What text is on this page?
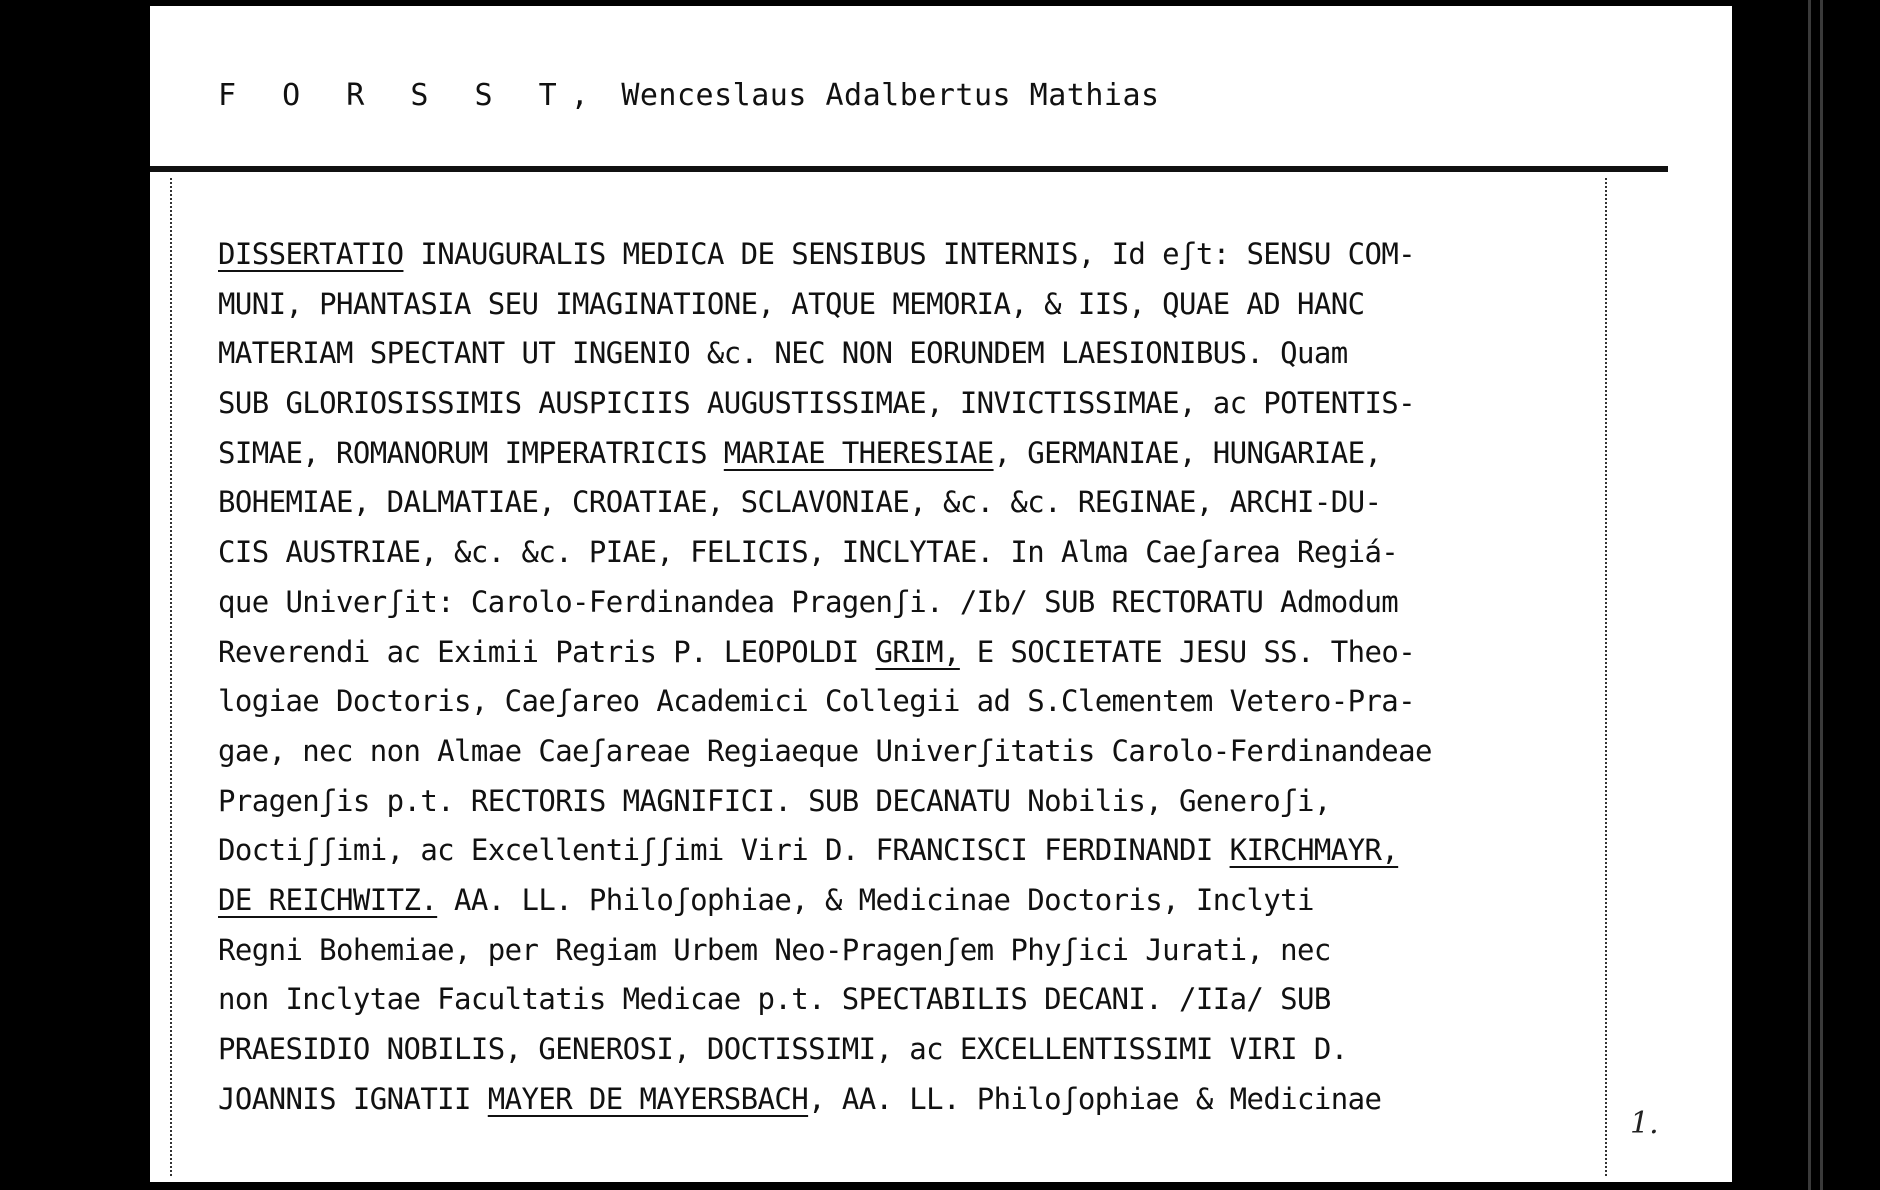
F O R S S T, Wenceslaus Adalbertus Mathias
DISSERTATIO INAUGURALIS MEDICA DE SENSIBUS INTERNIS, Id eʃt: SENSU COM-
MUNI, PHANTASIA SEU IMAGINATIONE, ATQUE MEMORIA, & IIS, QUAE AD HANC
MATERIAM SPECTANT UT INGENIO &c. NEC NON EORUNDEM LAESIONIBUS. Quam
SUB GLORIOSISSIMIS AUSPICIIS AUGUSTISSIMAE, INVICTISSIMAE, ac POTENTIS-
SIMAE, ROMANORUM IMPERATRICIS MARIAE THERESIAE, GERMANIAE, HUNGARIAE,
BOHEMIAE, DALMATIAE, CROATIAE, SCLAVONIAE, &c. &c. REGINAE, ARCHI-DU-
CIS AUSTRIAE, &c. &c. PIAE, FELICIS, INCLYTAE. In Alma Caeʃarea Regiá-
que Univerʃit: Carolo-Ferdinandea Pragenʃi. /Ib/ SUB RECTORATU Admodum
Reverendi ac Eximii Patris P. LEOPOLDI GRIM, E SOCIETATE JESU SS. Theo-
logiae Doctoris, Caeʃareo Academici Collegii ad S.Clementem Vetero-Pra-
gae, nec non Almae Caeʃareae Regiaeque Univerʃitatis Carolo-Ferdinandeae
Pragenʃis p.t. RECTORIS MAGNIFICI. SUB DECANATU Nobilis, Generoʃi,
Doctiʃʃimi, ac Excellentiʃʃimi Viri D. FRANCISCI FERDINANDI KIRCHMAYR,
DE REICHWITZ. AA. LL. Philoʃophiae, & Medicinae Doctoris, Inclyti
Regni Bohemiae, per Regiam Urbem Neo-Pragenʃem Phyʃici Jurati, nec
non Inclytae Facultatis Medicae p.t. SPECTABILIS DECANI. /IIa/ SUB
PRAESIDIO NOBILIS, GENEROSI, DOCTISSIMI, ac EXCELLENTISSIMI VIRI D.
JOANNIS IGNATII MAYER DE MAYERSBACH, AA. LL. Philoʃophiae & Medicinae
1.
